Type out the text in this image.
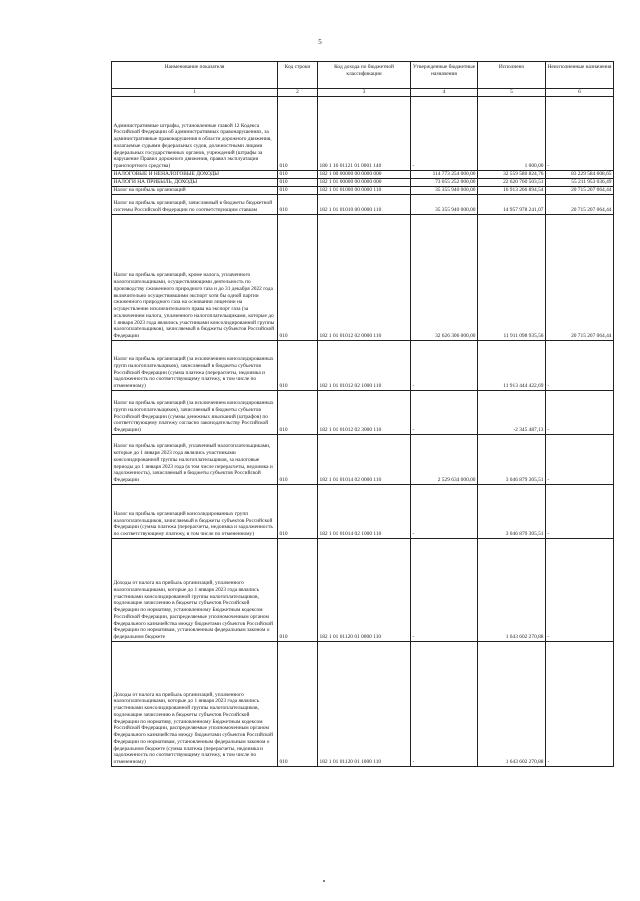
5
Наименование показателя	Код строки	Код дохода по бюджетной классификации	Утвержденные бюджетные назначения	Исполнено	Неисполненные назначения
1	2	3	4	5	6
Административные штрафы, установленные главой 12 Кодекса Российской Федерации об административных правонарушениях, за административные правонарушения в области дорожного движения, налагаемые судьями федеральных судов, должностными лицами федеральных государственных органов, учреждений (штрафы за нарушение Правил дорожного движения, правил эксплуатации транспортного средства)	010	180 1 16 01121 01 0001 140	-	1 000,00	-
НАЛОГОВЫЕ И НЕНАЛОГОВЫЕ ДОХОДЫ	010	182 1 00 00000 00 0000 000	114 773 254 000,00	32 559 580 824,76	83 229 584 608,65
НАЛОГИ НА ПРИБЫЛЬ, ДОХОДЫ	010	182 1 01 00000 00 0000 000	73 055 252 000,00	22 620 760 503,51	55 211 953 036,49
Налог на прибыль организаций	010	182 1 01 01000 00 0000 110	35 355 940 000,00	16 913 266 894,54	20 715 207 064,44
Налог на прибыль организаций, зачисляемый в бюджеты бюджетной системы Российской Федерации по соответствующим ставкам	010	182 1 01 01010 00 0000 110	35 355 940 000,00	14 957 978 241,07	20 715 207 064,44
Налог на прибыль организаций, кроме налога, уплаченного налогоплательщиками, осуществляющими деятельность по производству сжиженного природного газа и до 31 декабря 2022 года включительно осуществившими экспорт хотя бы одной партии сжиженного природного газа на основании лицензии на осуществление исключительного права на экспорт газа (за исключением налога, уплаченного налогоплательщиками, которые до 1 января 2023 года являлись участниками консолидированной группы налогоплательщиков), зачисляемый в бюджеты субъектов Российской Федерации	010	182 1 01 01012 02 0000 110	32 626 306 000,00	11 911 098 935,56	20 715 207 064,44
Налог на прибыль организаций (за исключением консолидированных групп налогоплательщиков), зачисляемый в бюджеты субъектов Российской Федерации (сумма платежа (перерасчеты, недоимка и задолженность по соответствующему платежу, в том числе по отмененному)	010	182 1 01 01012 02 1000 110	-	11 913 444 422,69	-
Налог на прибыль организаций (за исключением консолидированных групп налогоплательщиков), зачисляемый в бюджеты субъектов Российской Федерации (суммы денежных взысканий (штрафов) по соответствующему платежу согласно законодательству Российской Федерации)	010	182 1 01 01012 02 3000 110	-	-2 345 487,13	-
Налог на прибыль организаций, уплаченный налогоплательщиками, которые до 1 января 2023 года являлись участниками консолидированной группы налогоплательщиков, за налоговые периоды до 1 января 2023 года (в том числе перерасчеты, недоимка и задолженность), зачисляемый в бюджеты субъектов Российской Федерации	010	182 1 01 01014 02 0000 110	2 529 634 000,00	3 046 879 305,51	-
Налог на прибыль организаций консолидированных групп налогоплательщиков, зачисляемый в бюджеты субъектов Российской Федерации (сумма платежа (перерасчеты, недоимка и задолженность по соответствующему платежу, в том числе по отмененному)	010	182 1 01 01014 02 1000 110	-	3 046 879 305,51	-
Доходы от налога на прибыль организаций, уплаченного налогоплательщиками, которые до 1 января 2023 года являлись участниками консолидированной группы налогоплательщиков, подлежащие зачислению в бюджеты субъектов Российской Федерации по нормативу, установленному Бюджетным кодексом Российской Федерации, распределяемые уполномоченным органом Федерального казначейства между бюджетами субъектов Российской Федерации по нормативам, установленным федеральным законом о федеральном бюджете	010	182 1 01 01120 01 0000 110	-	1 643 602 270,88	-
Доходы от налога на прибыль организаций, уплаченного налогоплательщиками, которые до 1 января 2023 года являлись участниками консолидированной группы налогоплательщиков, подлежащие зачислению в бюджеты субъектов Российской Федерации по нормативу, установленному Бюджетным кодексом Российской Федерации, распределяемые уполномоченным органом Федерального казначейства между бюджетами субъектов Российской Федерации по нормативам, установленным федеральным законом о федеральном бюджете (сумма платежа (перерасчеты, недоимка и задолженность по соответствующему платежу, в том числе по отмененному)	010	182 1 01 01120 01 1000 110	-	1 643 602 270,88	-
